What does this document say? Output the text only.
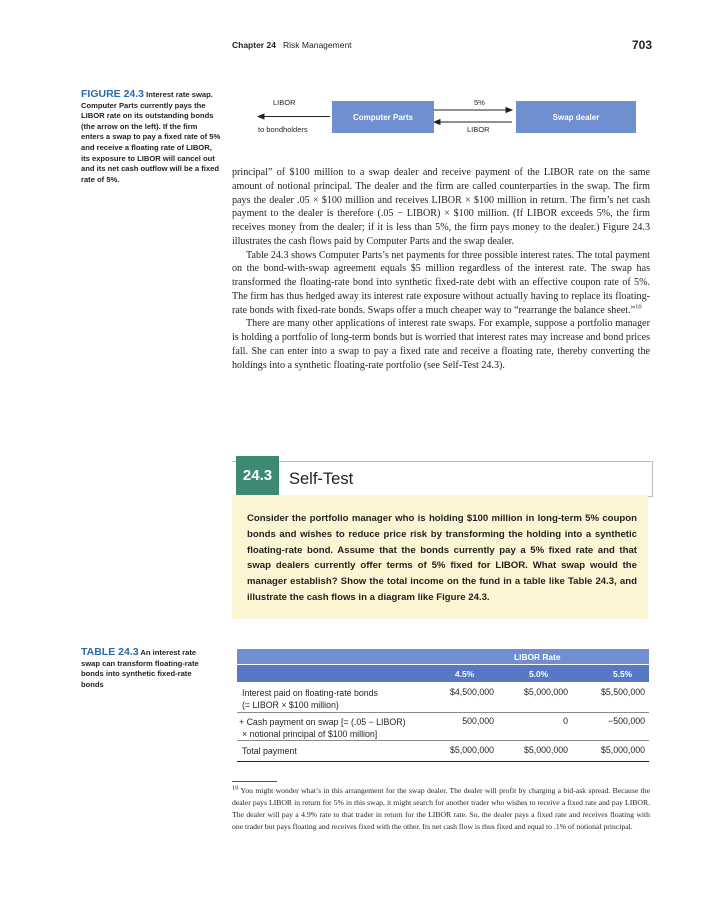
Chapter 24 Risk Management	703
FIGURE 24.3 Interest rate swap. Computer Parts currently pays the LIBOR rate on its outstanding bonds (the arrow on the left). If the firm enters a swap to pay a fixed rate of 5% and receive a floating rate of LIBOR, its exposure to LIBOR will cancel out and its net cash outflow will be a fixed rate of 5%.
LIBOR
to bondholders
Computer Parts	Swap dealer
5%
LIBOR

principal” of $100 million to a swap dealer and receive payment of the LIBOR rate on the same amount of notional principal. The dealer and the firm are called counterparties in the swap. The firm pays the dealer .05 × $100 million and receives LIBOR × $100 million in return. The firm’s net cash payment to the dealer is therefore (.05 − LIBOR) × $100 million. (If LIBOR exceeds 5%, the firm receives money from the dealer; if it is less than 5%, the firm pays money to the dealer.) Figure 24.3 illustrates the cash flows paid by Computer Parts and the swap dealer.

Table 24.3 shows Computer Parts’s net payments for three possible interest rates. The total payment on the bond-with-swap agreement equals $5 million regardless of the interest rate. The swap has transformed the floating-rate bond into synthetic fixed-rate debt with an effective coupon rate of 5%. The firm has thus hedged away its interest rate exposure without actually having to replace its floating-rate bonds with fixed-rate bonds. Swaps offer a much cheaper way to “rearrange the balance sheet.”$^{10}$

There are many other applications of interest rate swaps. For example, suppose a portfolio manager is holding a portfolio of long-term bonds but is worried that interest rates may increase and bond prices fall. She can enter into a swap to pay a fixed rate and receive a floating rate, thereby converting the holdings into a synthetic floating-rate portfolio (see Self-Test 24.3).

24.3	Self-Test
Consider the portfolio manager who is holding $100 million in long-term 5% coupon bonds and wishes to reduce price risk by transforming the holding into a synthetic floating-rate bond. Assume that the bonds currently pay a 5% fixed rate and that swap dealers currently offer terms of 5% fixed for LIBOR. What swap would the manager establish? Show the total income on the fund in a table like Table 24.3, and illustrate the cash flows in a diagram like Figure 24.3.
TABLE 24.3 An interest rate swap can transform floating-rate bonds into synthetic fixed-rate bonds
LIBOR Rate
4.5%	5.0%	5.5%
Interest paid on floating-rate bonds
(= LIBOR × $100 million)
$4,500,000	$5,000,000	$5,500,000
+ Cash payment on swap [= (.05 − LIBOR)
× notional principal of $100 million]
500,000	0	−500,000
Total payment	$5,000,000	$5,000,000	$5,000,000

$^{10}$ You might wonder what’s in this arrangement for the swap dealer. The dealer will profit by charging a bid-ask spread. Because the dealer pays LIBOR in return for 5% in this swap, it might search for another trader who wishes to receive a fixed rate and pay LIBOR. The dealer will pay a 4.9% rate to that trader in return for the LIBOR rate. So, the dealer pays a fixed rate and receives floating with one trader but pays floating and receives fixed with the other. Its net cash flow is thus fixed and equal to .1% of notional principal.
